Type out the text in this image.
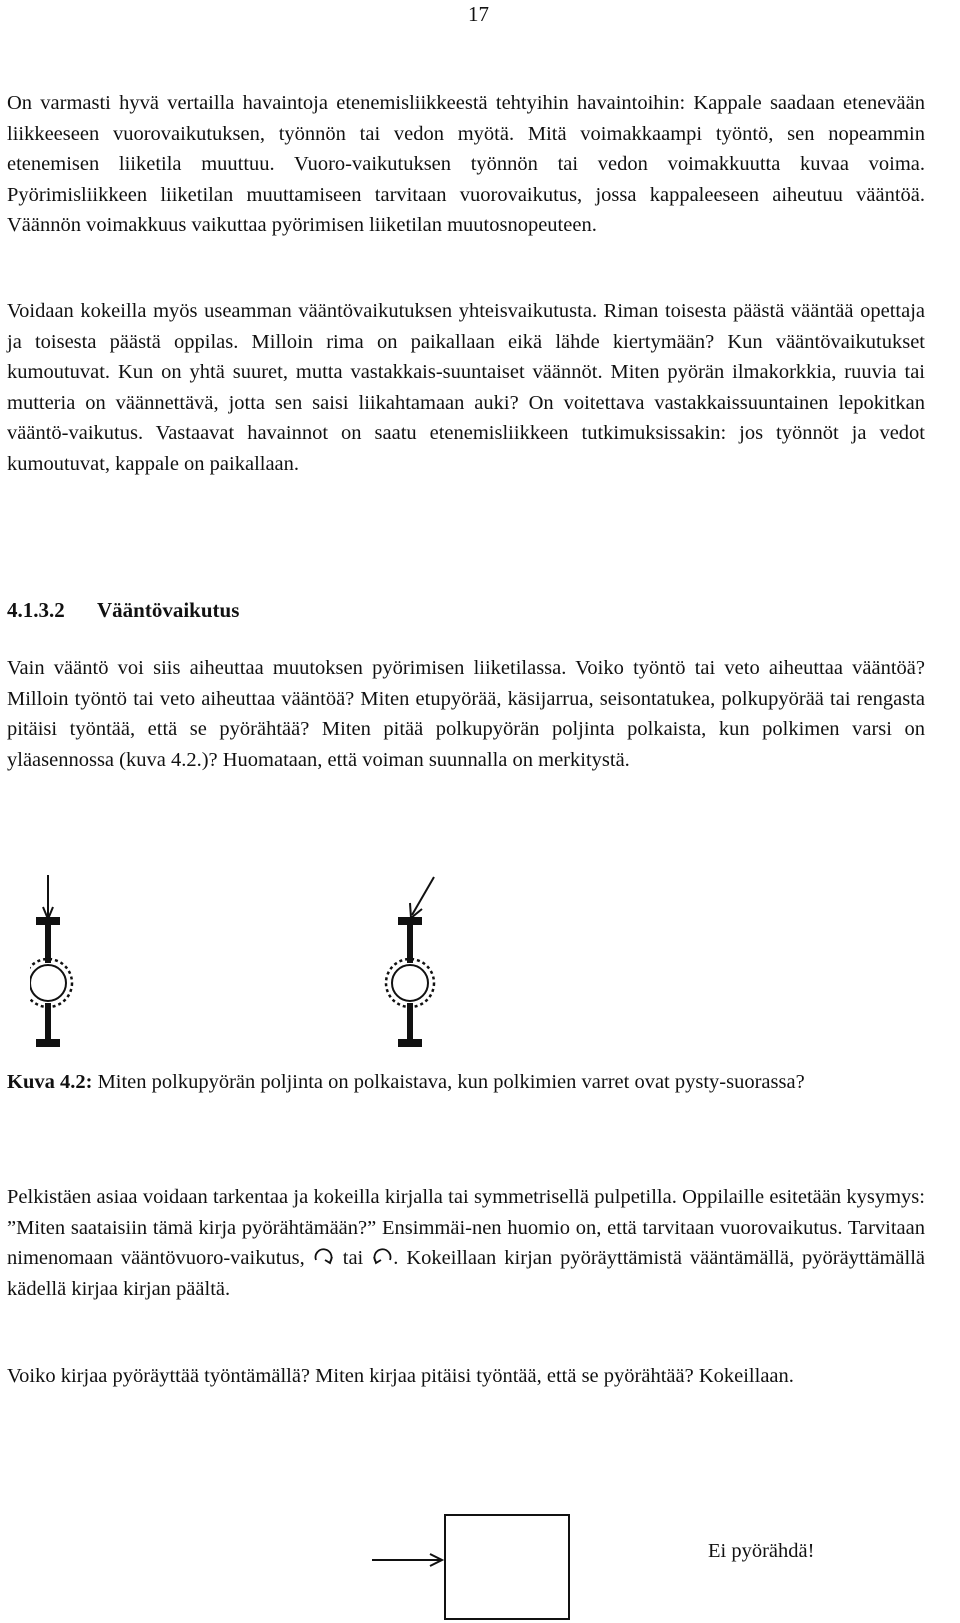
17

On varmasti hyvä vertailla havaintoja etenemisliikkeestä tehtyihin havaintoihin: Kappale saadaan etenevään liikkeeseen vuorovaikutuksen, työnnön tai vedon myötä. Mitä voimakkaampi työntö, sen nopeammin etenemisen liiketila muuttuu. Vuoro-vaikutuksen työnnön tai vedon voimakkuutta kuvaa voima. Pyörimisliikkeen liiketilan muuttamiseen tarvitaan vuorovaikutus, jossa kappaleeseen aiheutuu vääntöä. Väännön voimakkuus vaikuttaa pyörimisen liiketilan muutosnopeuteen.

Voidaan kokeilla myös useamman vääntövaikutuksen yhteisvaikutusta. Riman toisesta päästä vääntää opettaja ja toisesta päästä oppilas. Milloin rima on paikallaan eikä lähde kiertymään? Kun vääntövaikutukset kumoutuvat. Kun on yhtä suuret, mutta vastakkais-suuntaiset väännöt. Miten pyörän ilmakorkkia, ruuvia tai mutteria on väännettävä, jotta sen saisi liikahtamaan auki? On voitettava vastakkaissuuntainen lepokitkan vääntö-vaikutus. Vastaavat havainnot on saatu etenemisliikkeen tutkimuksissakin: jos työnnöt ja vedot kumoutuvat, kappale on paikallaan.

4.1.3.2 Vääntövaikutus

Vain vääntö voi siis aiheuttaa muutoksen pyörimisen liiketilassa. Voiko työntö tai veto aiheuttaa vääntöä? Milloin työntö tai veto aiheuttaa vääntöä? Miten etupyörää, käsijarrua, seisontatukea, polkupyörää tai rengasta pitäisi työntää, että se pyörähtää? Miten pitää polkupyörän poljinta polkaista, kun polkimen varsi on yläasennossa (kuva 4.2.)? Huomataan, että voiman suunnalla on merkitystä.

Kuva 4.2: Miten polkupyörän poljinta on polkaistava, kun polkimien varret ovat pysty-suorassa?

Pelkistäen asiaa voidaan tarkentaa ja kokeilla kirjalla tai symmetrisellä pulpetilla. Oppilaille esitetään kysymys: ”Miten saataisiin tämä kirja pyörähtämään?” Ensimmäi-nen huomio on, että tarvitaan vuorovaikutus. Tarvitaan nimenomaan vääntövuoro-vaikutus,  tai . Kokeillaan kirjan pyöräyttämistä vääntämällä, pyöräyttämällä kädellä kirjaa kirjan päältä.

Voiko kirjaa pyöräyttää työntämällä? Miten kirjaa pitäisi työntää, että se pyörähtää? Kokeillaan.

Ei pyörähdä!
